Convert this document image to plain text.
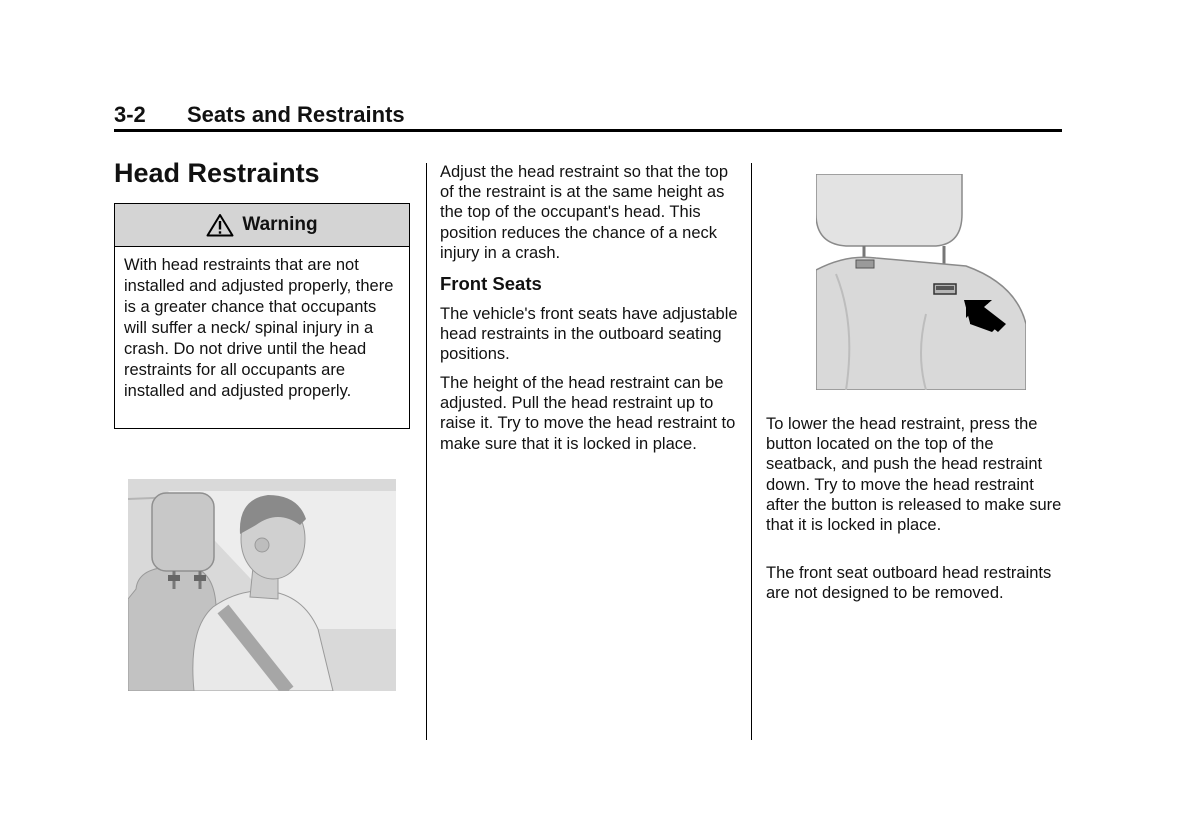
3-2 Seats and Restraints
Head Restraints
Warning

With head restraints that are not installed and adjusted properly, there is a greater chance that occupants will suffer a neck/ spinal injury in a crash. Do not drive until the head restraints for all occupants are installed and adjusted properly.

Adjust the head restraint so that the top of the restraint is at the same height as the top of the occupant's head. This position reduces the chance of a neck injury in a crash.

Front Seats

The vehicle's front seats have adjustable head restraints in the outboard seating positions.

The height of the head restraint can be adjusted. Pull the head restraint up to raise it. Try to move the head restraint to make sure that it is locked in place.

To lower the head restraint, press the button located on the top of the seatback, and push the head restraint down. Try to move the head restraint after the button is released to make sure that it is locked in place.

The front seat outboard head restraints are not designed to be removed.
